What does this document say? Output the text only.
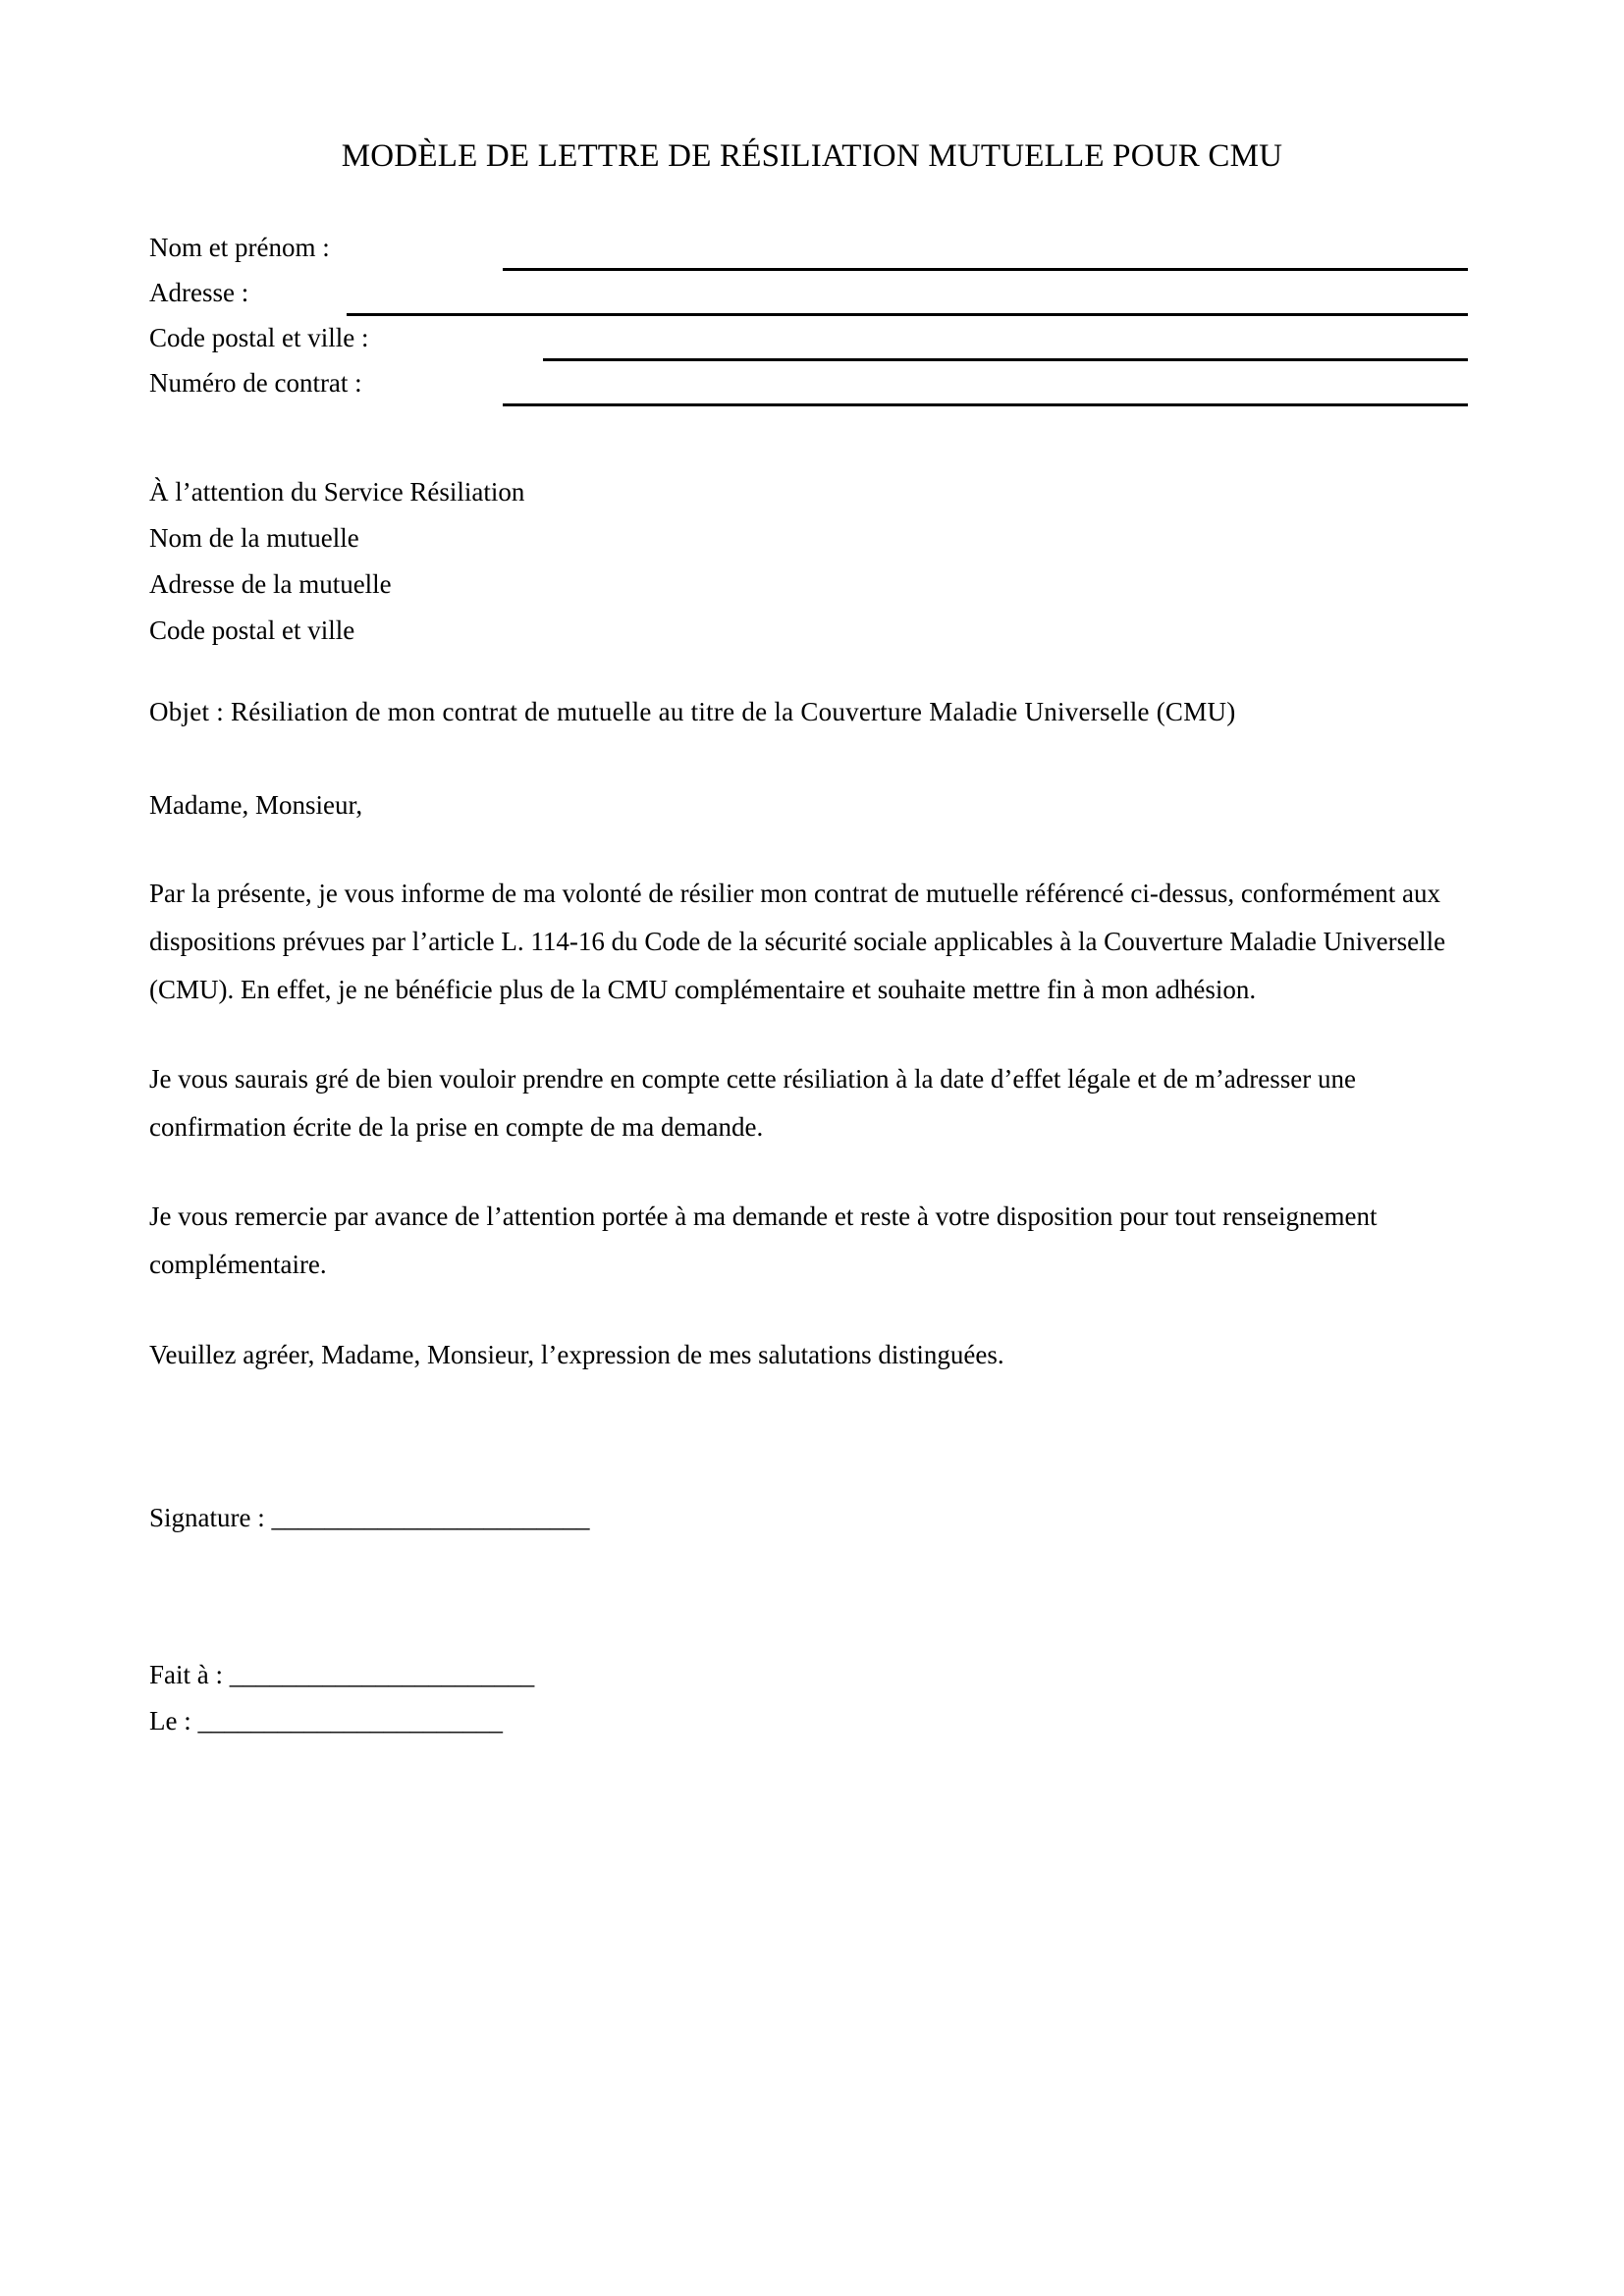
MODÈLE DE LETTRE DE RÉSILIATION MUTUELLE POUR CMU
Nom et prénom :
Adresse :
Code postal et ville :
Numéro de contrat :
À l’attention du Service Résiliation
Nom de la mutuelle
Adresse de la mutuelle
Code postal et ville
Objet : Résiliation de mon contrat de mutuelle au titre de la Couverture Maladie Universelle (CMU)
Madame, Monsieur,

Par la présente, je vous informe de ma volonté de résilier mon contrat de mutuelle référencé ci-dessus, conformément aux dispositions prévues par l’article L. 114-16 du Code de la sécurité sociale applicables à la Couverture Maladie Universelle (CMU). En effet, je ne bénéficie plus de la CMU complémentaire et souhaite mettre fin à mon adhésion.

Je vous saurais gré de bien vouloir prendre en compte cette résiliation à la date d’effet légale et de m’adresser une confirmation écrite de la prise en compte de ma demande.

Je vous remercie par avance de l’attention portée à ma demande et reste à votre disposition pour tout renseignement complémentaire.

Veuillez agréer, Madame, Monsieur, l’expression de mes salutations distinguées.
Signature : ________________________
Fait à : _______________________
Le : _______________________
